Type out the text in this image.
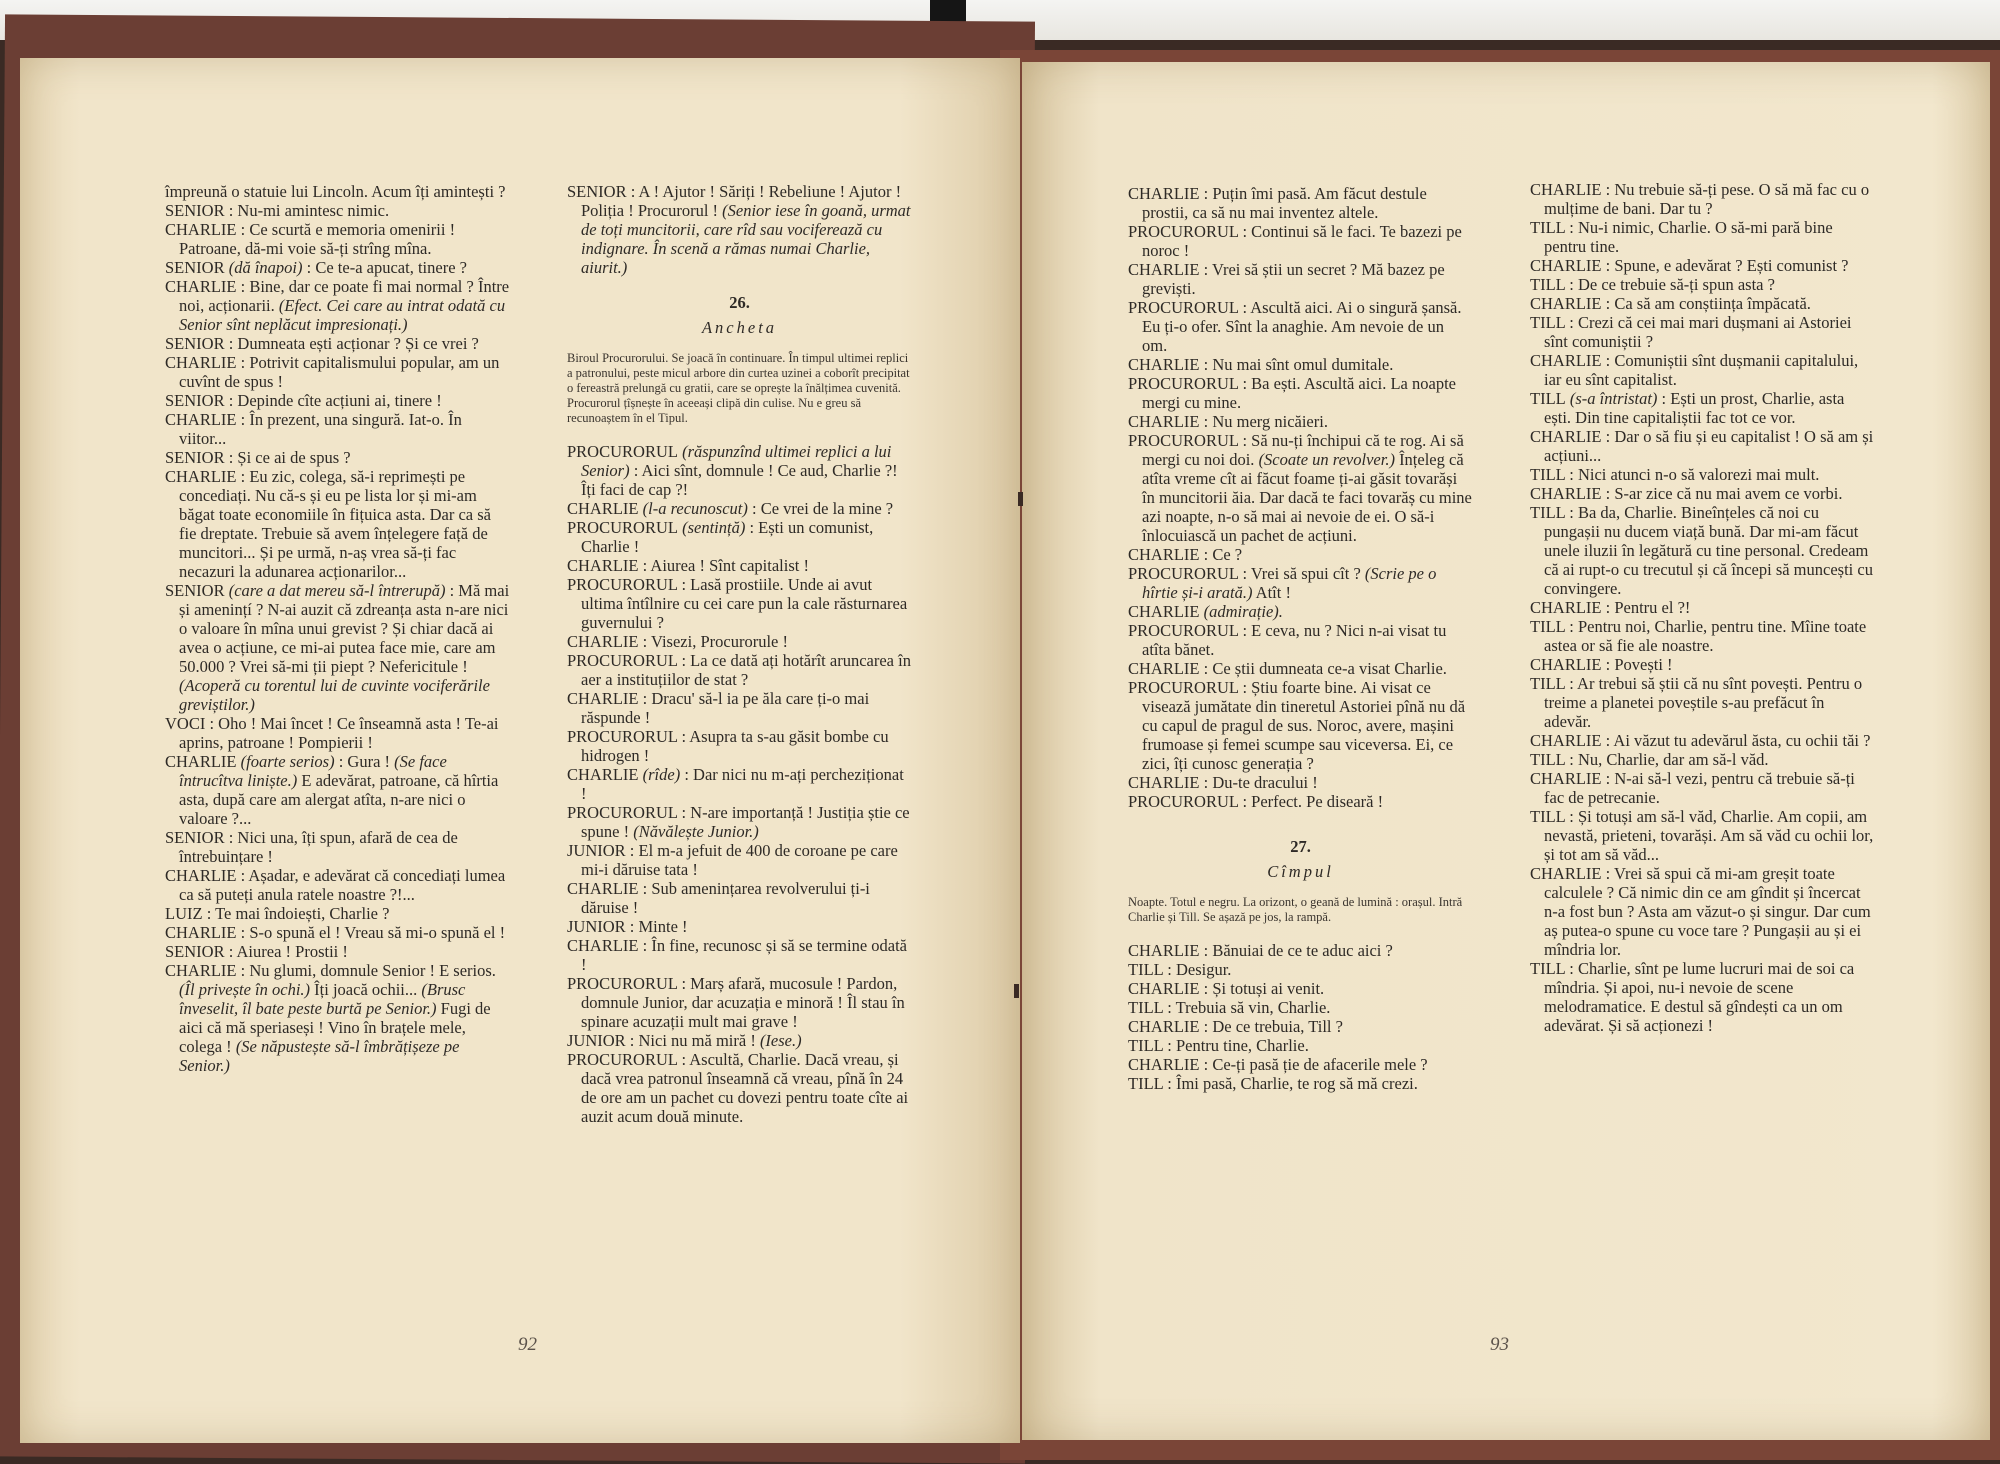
împreună o statuie lui Lincoln. Acum îți amintești ?

SENIOR : Nu-mi amintesc nimic.

CHARLIE : Ce scurtă e memoria omenirii ! Patroane, dă-mi voie să-ți strîng mîna.

SENIOR (dă înapoi) : Ce te-a apucat, tinere ?

CHARLIE : Bine, dar ce poate fi mai normal ? Între noi, acționarii. (Efect. Cei care au intrat odată cu Senior sînt neplăcut impresionați.)

SENIOR : Dumneata ești acționar ? Și ce vrei ?

CHARLIE : Potrivit capitalismului popular, am un cuvînt de spus !

SENIOR : Depinde cîte acțiuni ai, tinere !

CHARLIE : În prezent, una singură. Iat-o. În viitor...

SENIOR : Și ce ai de spus ?

CHARLIE : Eu zic, colega, să-i reprimești pe concediați. Nu că-s și eu pe lista lor și mi-am băgat toate economiile în fițuica asta. Dar ca să fie dreptate. Trebuie să avem înțelegere față de muncitori... Și pe urmă, n-aș vrea să-ți fac necazuri la adunarea acționarilor...

SENIOR (care a dat mereu să-l întrerupă) : Mă mai și amenințí ? N-ai auzit că zdreanța asta n-are nici o valoare în mîna unui grevist ? Și chiar dacă ai avea o acțiune, ce mi-ai putea face mie, care am 50.000 ? Vrei să-mi ții piept ? Nefericitule ! (Acoperă cu torentul lui de cuvinte vociferările greviștilor.)

VOCI : Oho ! Mai încet ! Ce înseamnă asta ! Te-ai aprins, patroane ! Pompierii !

CHARLIE (foarte serios) : Gura ! (Se face întrucîtva liniște.) E adevărat, patroane, că hîrtia asta, după care am alergat atîta, n-are nici o valoare ?...

SENIOR : Nici una, îți spun, afară de cea de întrebuințare !

CHARLIE : Așadar, e adevărat că concediați lumea ca să puteți anula ratele noastre ?!...

LUIZ : Te mai îndoiești, Charlie ?

CHARLIE : S-o spună el ! Vreau să mi-o spună el !

SENIOR : Aiurea ! Prostii !

CHARLIE : Nu glumi, domnule Senior ! E serios. (Îl privește în ochi.) Îți joacă ochii... (Brusc înveselit, îl bate peste burtă pe Senior.) Fugi de aici că mă speriaseși ! Vino în brațele mele, colega ! (Se năpustește să-l îmbrățișeze pe Senior.)

SENIOR : A ! Ajutor ! Săriți ! Rebeliune ! Ajutor ! Poliția ! Procurorul ! (Senior iese în goană, urmat de toți muncitorii, care rîd sau vociferează cu indignare. În scenă a rămas numai Charlie, aiurit.)

26.
Ancheta
Biroul Procurorului. Se joacă în continuare. În timpul ultimei replici a patronului, peste micul arbore din curtea uzinei a coborît precipitat o fereastră prelungă cu gratii, care se oprește la înălțimea cuvenită. Procurorul țîșnește în aceeași clipă din culise. Nu e greu să recunoaștem în el Tipul.

PROCURORUL (răspunzînd ultimei replici a lui Senior) : Aici sînt, domnule ! Ce aud, Charlie ?! Îți faci de cap ?!

CHARLIE (l-a recunoscut) : Ce vrei de la mine ?

PROCURORUL (sentință) : Ești un comunist, Charlie !

CHARLIE : Aiurea ! Sînt capitalist !

PROCURORUL : Lasă prostiile. Unde ai avut ultima întîlnire cu cei care pun la cale răsturnarea guvernului ?

CHARLIE : Visezi, Procurorule !

PROCURORUL : La ce dată ați hotărît aruncarea în aer a instituțiilor de stat ?

CHARLIE : Dracu' să-l ia pe ăla care ți-o mai răspunde !

PROCURORUL : Asupra ta s-au găsit bombe cu hidrogen !

CHARLIE (rîde) : Dar nici nu m-ați percheziționat !

PROCURORUL : N-are importanță ! Justiția știe ce spune ! (Năvălește Junior.)

JUNIOR : El m-a jefuit de 400 de coroane pe care mi-i dăruise tata !

CHARLIE : Sub amenințarea revolverului ți-i dăruise !

JUNIOR : Minte !

CHARLIE : În fine, recunosc și să se termine odată !

PROCURORUL : Marș afară, mucosule ! Pardon, domnule Junior, dar acuzația e minoră ! Îl stau în spinare acuzații mult mai grave !

JUNIOR : Nici nu mă miră ! (Iese.)

PROCURORUL : Ascultă, Charlie. Dacă vreau, și dacă vrea patronul înseamnă că vreau, pînă în 24 de ore am un pachet cu dovezi pentru toate cîte ai auzit acum două minute.

92

CHARLIE : Puțin îmi pasă. Am făcut destule prostii, ca să nu mai inventez altele.

PROCURORUL : Continui să le faci. Te bazezi pe noroc !

CHARLIE : Vrei să știi un secret ? Mă bazez pe greviști.

PROCURORUL : Ascultă aici. Ai o singură șansă. Eu ți-o ofer. Sînt la anaghie. Am nevoie de un om.

CHARLIE : Nu mai sînt omul dumitale.

PROCURORUL : Ba ești. Ascultă aici. La noapte mergi cu mine.

CHARLIE : Nu merg nicăieri.

PROCURORUL : Să nu-ți închipui că te rog. Ai să mergi cu noi doi. (Scoate un revolver.) Înțeleg că atîta vreme cît ai făcut foame ți-ai găsit tovarăși în muncitorii ăia. Dar dacă te faci tovarăș cu mine azi noapte, n-o să mai ai nevoie de ei. O să-i înlocuiască un pachet de acțiuni.

CHARLIE : Ce ?

PROCURORUL : Vrei să spui cît ? (Scrie pe o hîrtie și-i arată.) Atît !

CHARLIE (admirație).

PROCURORUL : E ceva, nu ? Nici n-ai visat tu atîta bănet.

CHARLIE : Ce știi dumneata ce-a visat Charlie.

PROCURORUL : Știu foarte bine. Ai visat ce visează jumătate din tineretul Astoriei pînă nu dă cu capul de pragul de sus. Noroc, avere, mașini frumoase și femei scumpe sau viceversa. Ei, ce zici, îți cunosc generația ?

CHARLIE : Du-te dracului !

PROCURORUL : Perfect. Pe diseară !

27.
Cîmpul
Noapte. Totul e negru. La orizont, o geană de lumină : orașul. Intră Charlie și Till. Se așază pe jos, la rampă.

CHARLIE : Bănuiai de ce te aduc aici ?

TILL : Desigur.

CHARLIE : Și totuși ai venit.

TILL : Trebuia să vin, Charlie.

CHARLIE : De ce trebuia, Till ?

TILL : Pentru tine, Charlie.

CHARLIE : Ce-ți pasă ție de afacerile mele ?

TILL : Îmi pasă, Charlie, te rog să mă crezi.

CHARLIE : Nu trebuie să-ți pese. O să mă fac cu o mulțime de bani. Dar tu ?

TILL : Nu-i nimic, Charlie. O să-mi pară bine pentru tine.

CHARLIE : Spune, e adevărat ? Ești comunist ?

TILL : De ce trebuie să-ți spun asta ?

CHARLIE : Ca să am conștiința împăcată.

TILL : Crezi că cei mai mari dușmani ai Astoriei sînt comuniștii ?

CHARLIE : Comuniștii sînt dușmanii capitalului, iar eu sînt capitalist.

TILL (s-a întristat) : Ești un prost, Charlie, asta ești. Din tine capitaliștii fac tot ce vor.

CHARLIE : Dar o să fiu și eu capitalist ! O să am și acțiuni...

TILL : Nici atunci n-o să valorezi mai mult.

CHARLIE : S-ar zice că nu mai avem ce vorbi.

TILL : Ba da, Charlie. Bineînțeles că noi cu pungașii nu ducem viață bună. Dar mi-am făcut unele iluzii în legătură cu tine personal. Credeam că ai rupt-o cu trecutul și că începi să muncești cu convingere.

CHARLIE : Pentru el ?!

TILL : Pentru noi, Charlie, pentru tine. Mîine toate astea or să fie ale noastre.

CHARLIE : Povești !

TILL : Ar trebui să știi că nu sînt povești. Pentru o treime a planetei poveștile s-au prefăcut în adevăr.

CHARLIE : Ai văzut tu adevărul ăsta, cu ochii tăi ?

TILL : Nu, Charlie, dar am să-l văd.

CHARLIE : N-ai să-l vezi, pentru că trebuie să-ți fac de petrecanie.

TILL : Și totuși am să-l văd, Charlie. Am copii, am nevastă, prieteni, tovarăși. Am să văd cu ochii lor, și tot am să văd...

CHARLIE : Vrei să spui că mi-am greșit toate calculele ? Că nimic din ce am gîndit și încercat n-a fost bun ? Asta am văzut-o și singur. Dar cum aș putea-o spune cu voce tare ? Pungașii au și ei mîndria lor.

TILL : Charlie, sînt pe lume lucruri mai de soi ca mîndria. Și apoi, nu-i nevoie de scene melodramatice. E destul să gîndești ca un om adevărat. Și să acționezi !

93
